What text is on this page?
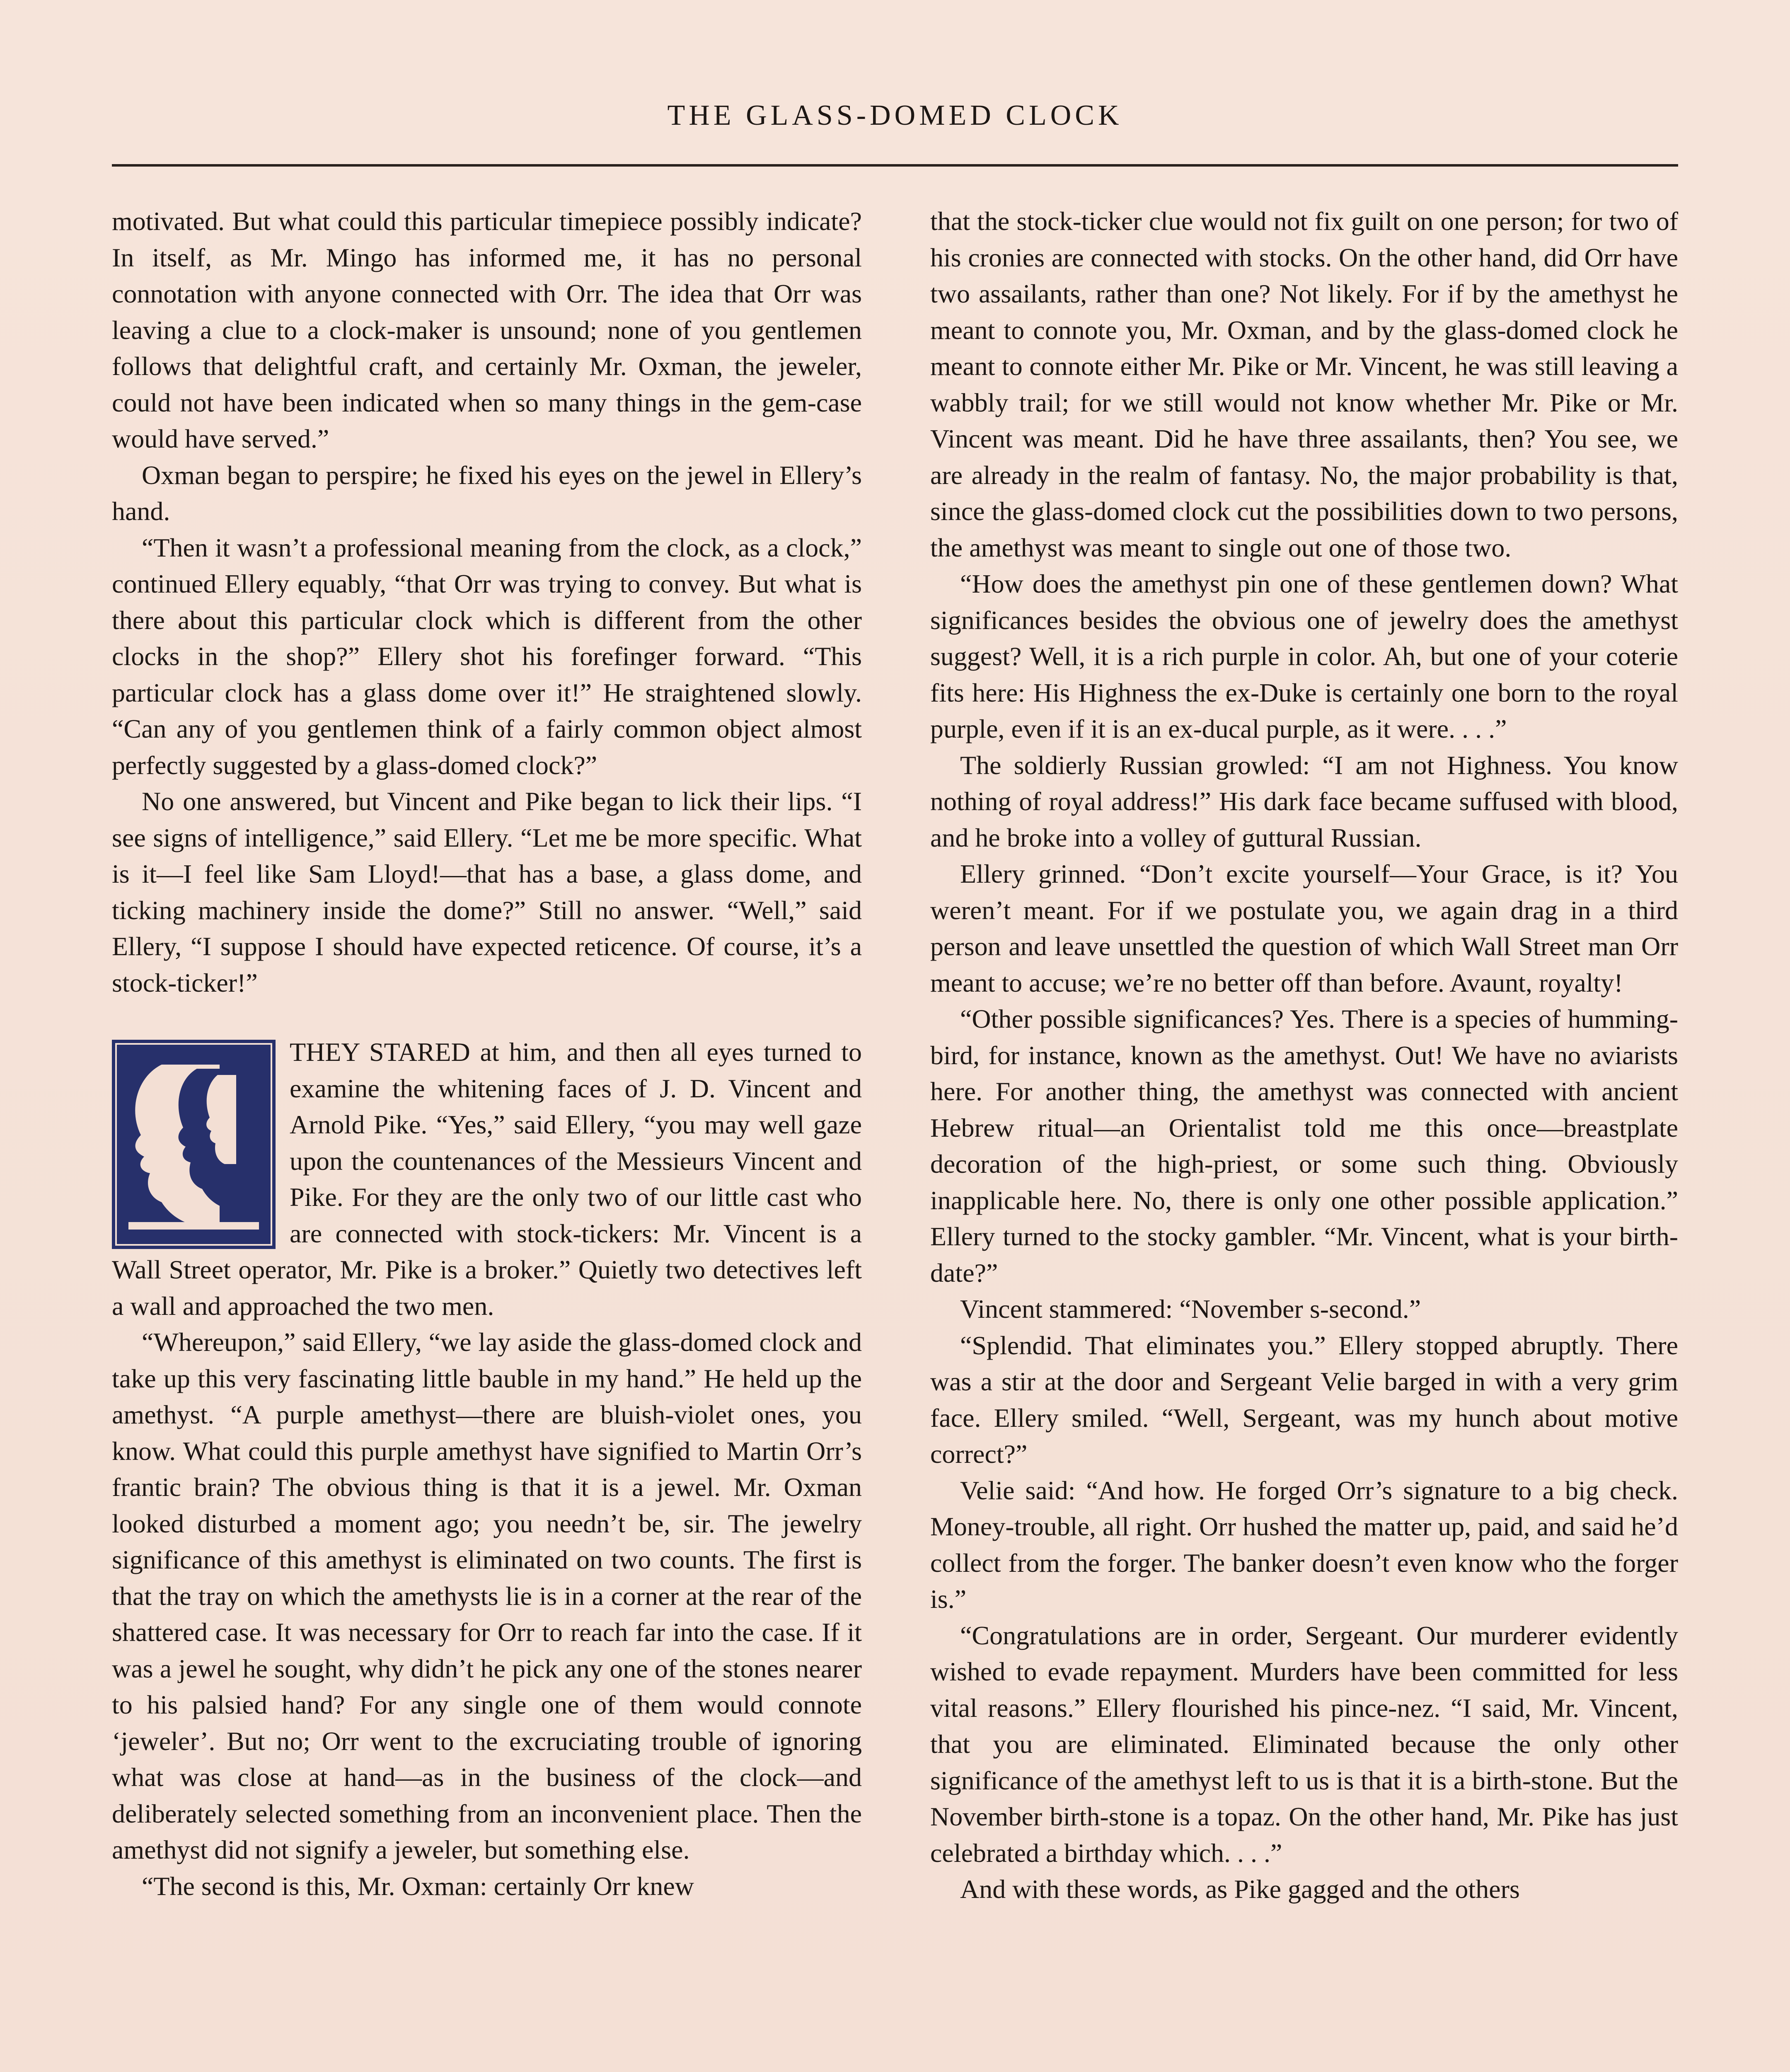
THE GLASS-DOMED CLOCK

motivated. But what could this particular timepiece possibly indicate? In itself, as Mr. Mingo has informed me, it has no personal connotation with anyone connected with Orr. The idea that Orr was leaving a clue to a clock-maker is unsound; none of you gentlemen follows that delightful craft, and certainly Mr. Oxman, the jeweler, could not have been indicated when so many things in the gem-case would have served.”

Oxman began to perspire; he fixed his eyes on the jewel in Ellery’s hand.

“Then it wasn’t a professional meaning from the clock, as a clock,” continued Ellery equably, “that Orr was trying to convey. But what is there about this particular clock which is different from the other clocks in the shop?” Ellery shot his forefinger forward. “This particular clock has a glass dome over it!” He straightened slowly. “Can any of you gentlemen think of a fairly common object almost perfectly suggested by a glass-domed clock?”

No one answered, but Vincent and Pike began to lick their lips. “I see signs of intelligence,” said Ellery. “Let me be more specific. What is it—I feel like Sam Lloyd!—that has a base, a glass dome, and ticking machinery inside the dome?” Still no answer. “Well,” said Ellery, “I suppose I should have expected reticence. Of course, it’s a stock-ticker!”

THEY STARED at him, and then all eyes turned to examine the whitening faces of J. D. Vincent and Arnold Pike. “Yes,” said Ellery, “you may well gaze upon the countenances of the Messieurs Vincent and Pike. For they are the only two of our little cast who are connected with stock-tickers: Mr. Vincent is a Wall Street operator, Mr. Pike is a broker.” Quietly two detectives left a wall and approached the two men.

“Whereupon,” said Ellery, “we lay aside the glass-domed clock and take up this very fascinating little bauble in my hand.” He held up the amethyst. “A purple amethyst—there are bluish-violet ones, you know. What could this purple amethyst have signified to Martin Orr’s frantic brain? The obvious thing is that it is a jewel. Mr. Oxman looked disturbed a moment ago; you needn’t be, sir. The jewelry significance of this amethyst is eliminated on two counts. The first is that the tray on which the amethysts lie is in a corner at the rear of the shattered case. It was necessary for Orr to reach far into the case. If it was a jewel he sought, why didn’t he pick any one of the stones nearer to his palsied hand? For any single one of them would connote ‘jeweler’. But no; Orr went to the excruciating trouble of ignoring what was close at hand—as in the business of the clock—and deliberately selected something from an inconvenient place. Then the amethyst did not signify a jeweler, but something else.

“The second is this, Mr. Oxman: certainly Orr knew

that the stock-ticker clue would not fix guilt on one person; for two of his cronies are connected with stocks. On the other hand, did Orr have two assailants, rather than one? Not likely. For if by the amethyst he meant to connote you, Mr. Oxman, and by the glass-domed clock he meant to connote either Mr. Pike or Mr. Vincent, he was still leaving a wabbly trail; for we still would not know whether Mr. Pike or Mr. Vincent was meant. Did he have three assailants, then? You see, we are already in the realm of fantasy. No, the major probability is that, since the glass-domed clock cut the possibilities down to two persons, the amethyst was meant to single out one of those two.

“How does the amethyst pin one of these gentlemen down? What significances besides the obvious one of jewelry does the amethyst suggest? Well, it is a rich purple in color. Ah, but one of your coterie fits here: His Highness the ex-Duke is certainly one born to the royal purple, even if it is an ex-ducal purple, as it were. . . .”

The soldierly Russian growled: “I am not Highness. You know nothing of royal address!” His dark face became suffused with blood, and he broke into a volley of guttural Russian.

Ellery grinned. “Don’t excite yourself—Your Grace, is it? You weren’t meant. For if we postulate you, we again drag in a third person and leave unsettled the question of which Wall Street man Orr meant to accuse; we’re no better off than before. Avaunt, royalty!

“Other possible significances? Yes. There is a species of humming-bird, for instance, known as the amethyst. Out! We have no aviarists here. For another thing, the amethyst was connected with ancient Hebrew ritual—an Orientalist told me this once—breastplate decoration of the high-priest, or some such thing. Obviously inapplicable here. No, there is only one other possible application.” Ellery turned to the stocky gambler. “Mr. Vincent, what is your birth-date?”

Vincent stammered: “November s-second.”

“Splendid. That eliminates you.” Ellery stopped abruptly. There was a stir at the door and Sergeant Velie barged in with a very grim face. Ellery smiled. “Well, Sergeant, was my hunch about motive correct?”

Velie said: “And how. He forged Orr’s signature to a big check. Money-trouble, all right. Orr hushed the matter up, paid, and said he’d collect from the forger. The banker doesn’t even know who the forger is.”

“Congratulations are in order, Sergeant. Our murderer evidently wished to evade repayment. Murders have been committed for less vital reasons.” Ellery flourished his pince-nez. “I said, Mr. Vincent, that you are eliminated. Eliminated because the only other significance of the amethyst left to us is that it is a birth-stone. But the November birth-stone is a topaz. On the other hand, Mr. Pike has just celebrated a birthday which. . . .”

And with these words, as Pike gagged and the others
